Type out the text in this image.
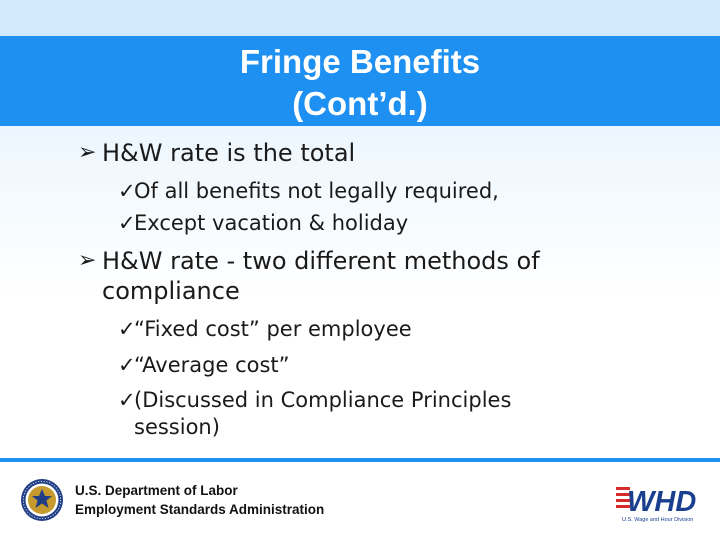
Fringe Benefits
(Cont’d.)
➢ H&W rate is the total
✓
Of all benefits not legally required,
✓
Except vacation & holiday
➢ H&W rate - two different methods of
compliance
✓
“Fixed cost” per employee
✓
“Average cost”
✓
(Discussed in Compliance Principles
session)
U.S. Department of Labor
Employment Standards Administration	WHD
U.S. Wage and Hour Division
